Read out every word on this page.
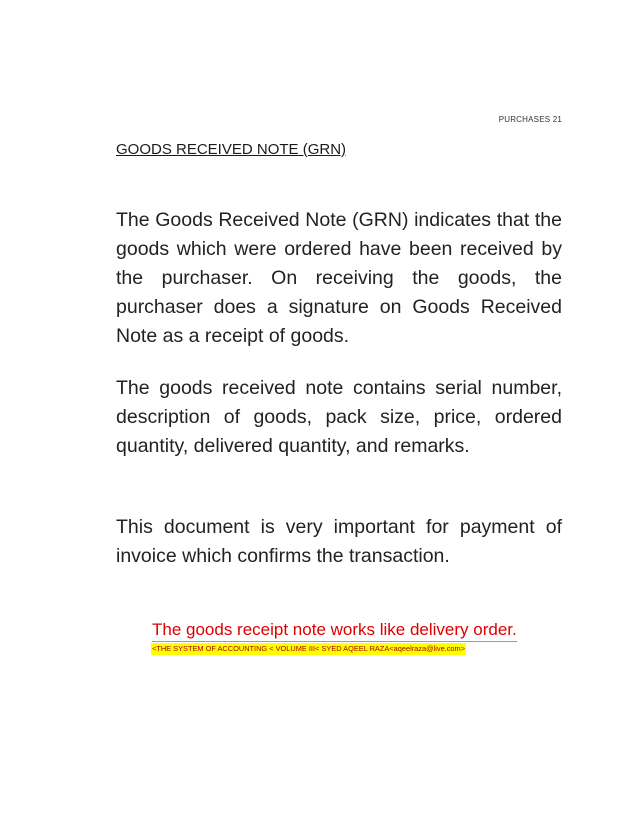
PURCHASES 21
GOODS RECEIVED NOTE (GRN)
The Goods Received Note (GRN) indicates that the goods which were ordered have been received by the purchaser. On receiving the goods, the purchaser does a signature on Goods Received Note as a receipt of goods.
The goods received note contains serial number, description of goods, pack size, price, ordered quantity, delivered quantity, and remarks.
This document is very important for payment of invoice which confirms the transaction.
The goods receipt note works like delivery order.
<THE SYSTEM OF ACCOUNTING < VOLUME III< SYED AQEEL RAZA<aqeelraza@live.com>
